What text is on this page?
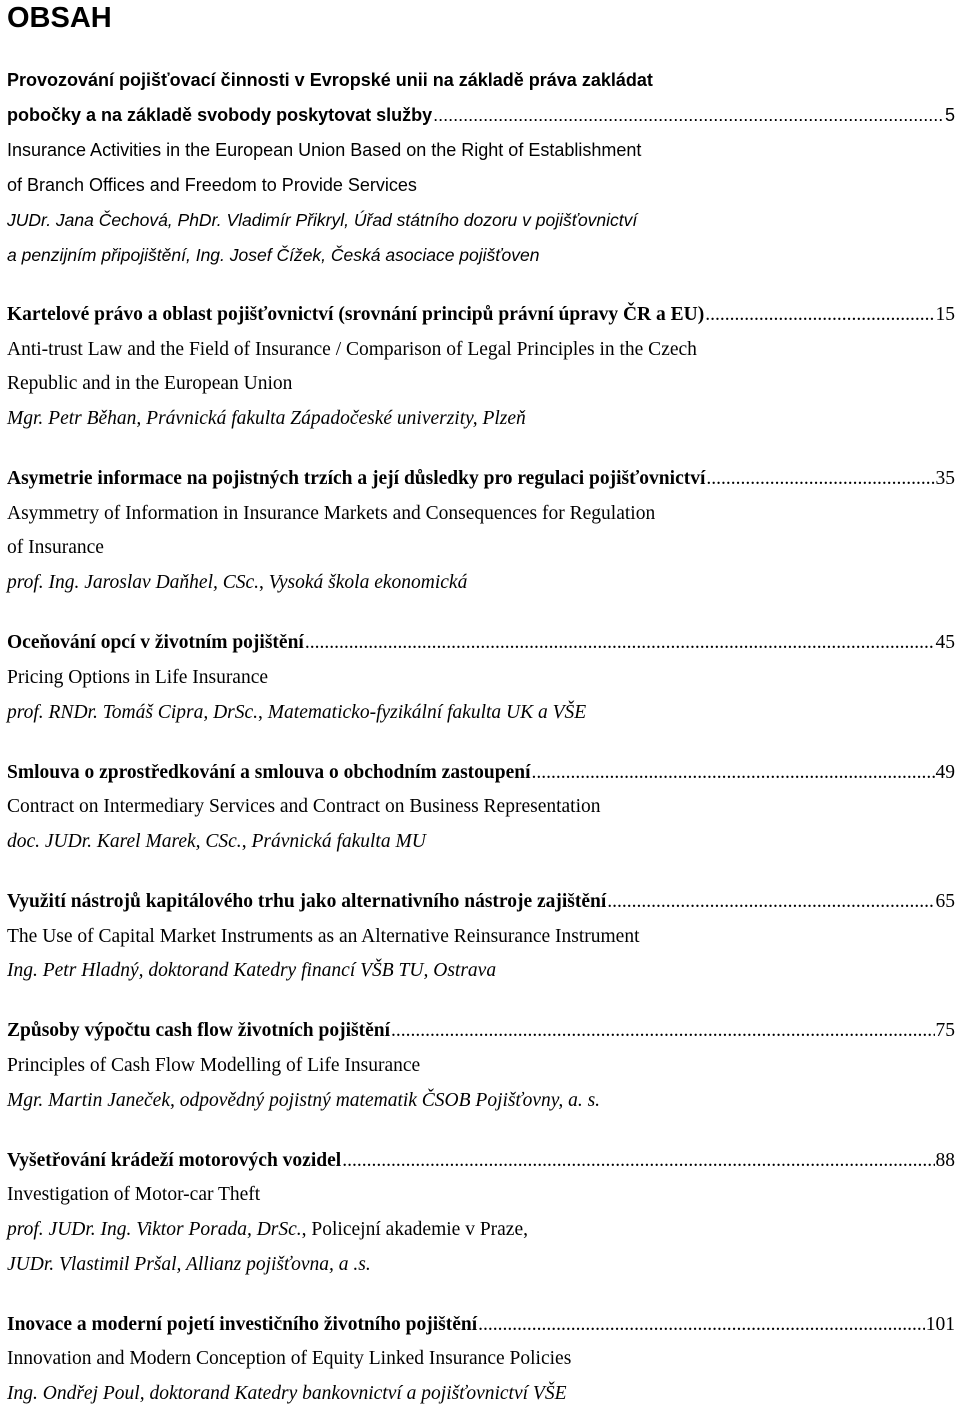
OBSAH
Provozování pojišťovací činnosti v Evropské unii na základě práva zakládat
pobočky a na základě svobody poskytovat služby .....	5
Insurance Activities in the European Union Based on the Right of Establishment
of Branch Offices and Freedom to Provide Services
JUDr. Jana Čechová, PhDr. Vladimír Přikryl, Úřad státního dozoru v pojišťovnictví
a penzijním připojištění, Ing. Josef Čížek, Česká asociace pojišťoven
Kartelové právo a oblast pojišťovnictví (srovnání principů právní úpravy ČR a EU) .....	15
Anti-trust Law and the Field of Insurance / Comparison of Legal Principles in the Czech
Republic and in the European Union
Mgr. Petr Běhan, Právnická fakulta Západočeské univerzity, Plzeň
Asymetrie informace na pojistných trzích a její důsledky pro regulaci pojišťovnictví .....	35
Asymmetry of Information in Insurance Markets and Consequences for Regulation
of Insurance
prof. Ing. Jaroslav Daňhel, CSc., Vysoká škola ekonomická
Oceňování opcí v životním pojištění .....	45
Pricing Options in Life Insurance
prof. RNDr. Tomáš Cipra, DrSc., Matematicko-fyzikální fakulta UK a VŠE
Smlouva o zprostředkování a smlouva o obchodním zastoupení .....	49
Contract on Intermediary Services and Contract on Business Representation
doc. JUDr. Karel Marek, CSc., Právnická fakulta MU
Využití nástrojů kapitálového trhu jako alternativního nástroje zajištění .....	65
The Use of Capital Market Instruments as an Alternative Reinsurance Instrument
Ing. Petr Hladný, doktorand Katedry financí VŠB TU, Ostrava
Způsoby výpočtu cash flow životních pojištění .....	75
Principles of Cash Flow Modelling of Life Insurance
Mgr. Martin Janeček, odpovědný pojistný matematik ČSOB Pojišťovny, a. s.
Vyšetřování krádeží motorových vozidel .....	88
Investigation of Motor-car Theft
prof. JUDr. Ing. Viktor Porada, DrSc., Policejní akademie v Praze,
JUDr. Vlastimil Pršal, Allianz pojišťovna, a .s.
Inovace a moderní pojetí investičního životního pojištění .....	101
Innovation and Modern Conception of Equity Linked Insurance Policies
Ing. Ondřej Poul, doktorand Katedry bankovnictví a pojišťovnictví VŠE
